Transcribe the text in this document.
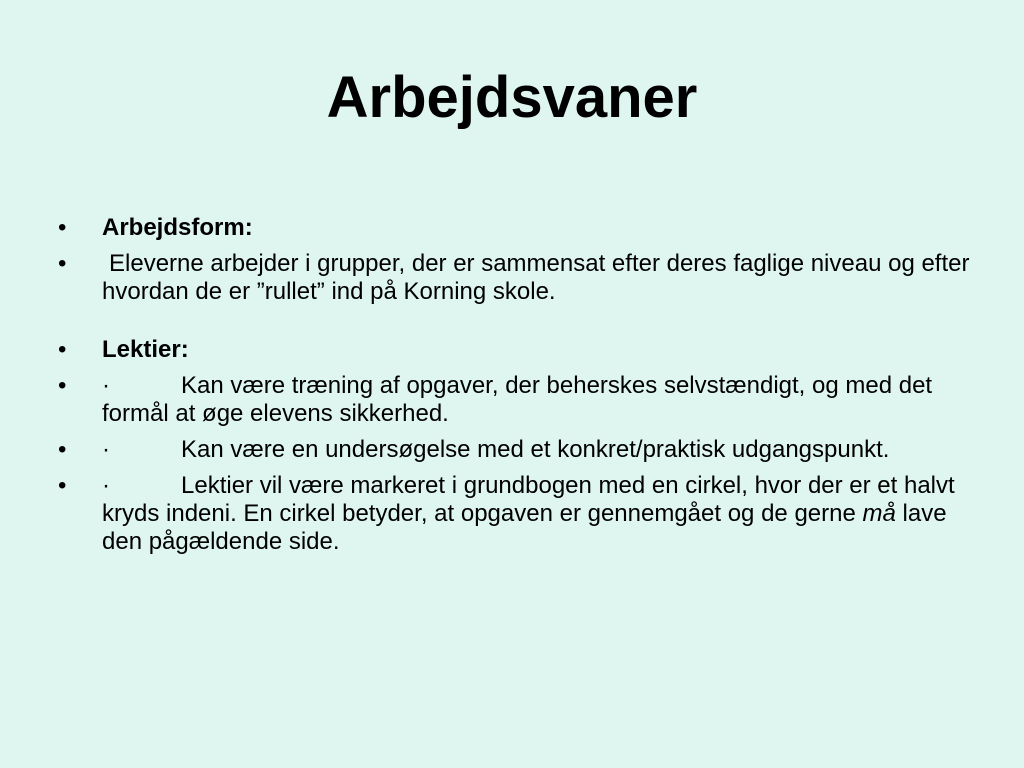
Arbejdsvaner
•	Arbejdsform:
•	Eleverne arbejder i grupper, der er sammensat efter deres faglige niveau og efter hvordan de er ”rullet” ind på Korning skole.
•	Lektier:
•	·	Kan være træning af opgaver, der beherskes selvstændigt, og med det formål at øge elevens sikkerhed.
•	·	Kan være en undersøgelse med et konkret/praktisk udgangspunkt.
•	·	Lektier vil være markeret i grundbogen med en cirkel, hvor der er et halvt kryds indeni. En cirkel betyder, at opgaven er gennemgået og de gerne må lave den pågældende side.
